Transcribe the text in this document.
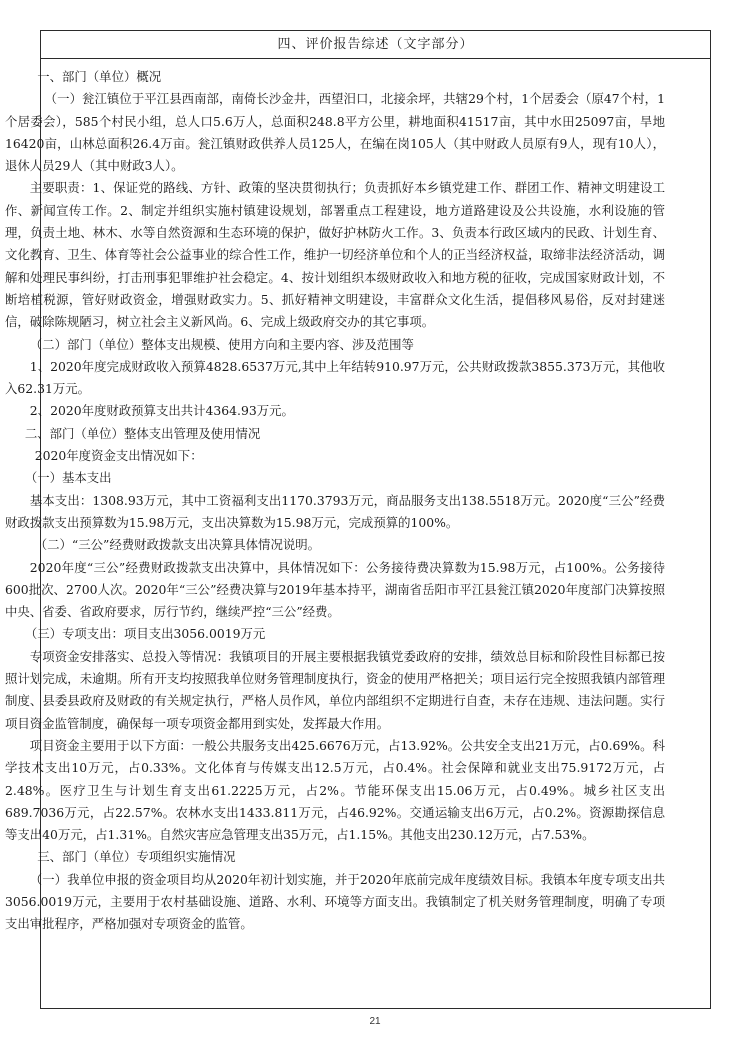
四、评价报告综述（文字部分）

一、部门（单位）概况

（一）瓮江镇位于平江县西南部，南倚长沙金井，西望汨口，北接余坪，共辖29个村，1个居委会（原47个村，1个居委会），585个村民小组，总人口5.6万人，总面积248.8平方公里，耕地面积41517亩，其中水田25097亩，旱地16420亩，山林总面积26.4万亩。瓮江镇财政供养人员125人，在编在岗105人（其中财政人员原有9人，现有10人），退休人员29人（其中财政3人）。

主要职责：1、保证党的路线、方针、政策的坚决贯彻执行；负责抓好本乡镇党建工作、群团工作、精神文明建设工作、新闻宣传工作。2、制定并组织实施村镇建设规划，部署重点工程建设，地方道路建设及公共设施，水利设施的管理，负责土地、林木、水等自然资源和生态环境的保护，做好护林防火工作。3、负责本行政区域内的民政、计划生育、文化教育、卫生、体育等社会公益事业的综合性工作，维护一切经济单位和个人的正当经济权益，取缔非法经济活动，调解和处理民事纠纷，打击刑事犯罪维护社会稳定。4、按计划组织本级财政收入和地方税的征收，完成国家财政计划，不断培植税源，管好财政资金，增强财政实力。5、抓好精神文明建设，丰富群众文化生活，提倡移风易俗，反对封建迷信，破除陈规陋习，树立社会主义新风尚。6、完成上级政府交办的其它事项。

（二）部门（单位）整体支出规模、使用方向和主要内容、涉及范围等

1、2020年度完成财政收入预算4828.6537万元,其中上年结转910.97万元，公共财政拨款3855.373万元，其他收入62.31万元。

2、2020年度财政预算支出共计4364.93万元。

二、部门（单位）整体支出管理及使用情况

2020年度资金支出情况如下：

（一）基本支出

基本支出：1308.93万元，其中工资福利支出1170.3793万元，商品服务支出138.5518万元。2020度“三公”经费财政拨款支出预算数为15.98万元，支出决算数为15.98万元，完成预算的100%。

（二）“三公”经费财政拨款支出决算具体情况说明。

2020年度“三公”经费财政拨款支出决算中，具体情况如下：公务接待费决算数为15.98万元，占100%。公务接待600批次、2700人次。2020年“三公”经费决算与2019年基本持平，湖南省岳阳市平江县瓮江镇2020年度部门决算按照中央、省委、省政府要求，厉行节约，继续严控“三公”经费。

（三）专项支出：项目支出3056.0019万元

专项资金安排落实、总投入等情况：我镇项目的开展主要根据我镇党委政府的安排，绩效总目标和阶段性目标都已按照计划完成，未逾期。所有开支均按照我单位财务管理制度执行，资金的使用严格把关；项目运行完全按照我镇内部管理制度、县委县政府及财政的有关规定执行，严格人员作风，单位内部组织不定期进行自查，未存在违规、违法问题。实行项目资金监管制度，确保每一项专项资金都用到实处，发挥最大作用。

项目资金主要用于以下方面：一般公共服务支出425.6676万元，占13.92%。公共安全支出21万元，占0.69%。科学技术支出10万元，占0.33%。文化体育与传媒支出12.5万元，占0.4%。社会保障和就业支出75.9172万元，占2.48%。医疗卫生与计划生育支出61.2225万元，占2%。节能环保支出15.06万元，占0.49%。城乡社区支出689.7036万元，占22.57%。农林水支出1433.811万元，占46.92%。交通运输支出6万元，占0.2%。资源勘探信息等支出40万元，占1.31%。自然灾害应急管理支出35万元，占1.15%。其他支出230.12万元，占7.53%。

三、部门（单位）专项组织实施情况

（一）我单位申报的资金项目均从2020年初计划实施，并于2020年底前完成年度绩效目标。我镇本年度专项支出共3056.0019万元，主要用于农村基础设施、道路、水利、环境等方面支出。我镇制定了机关财务管理制度，明确了专项支出审批程序，严格加强对专项资金的监管。

21
